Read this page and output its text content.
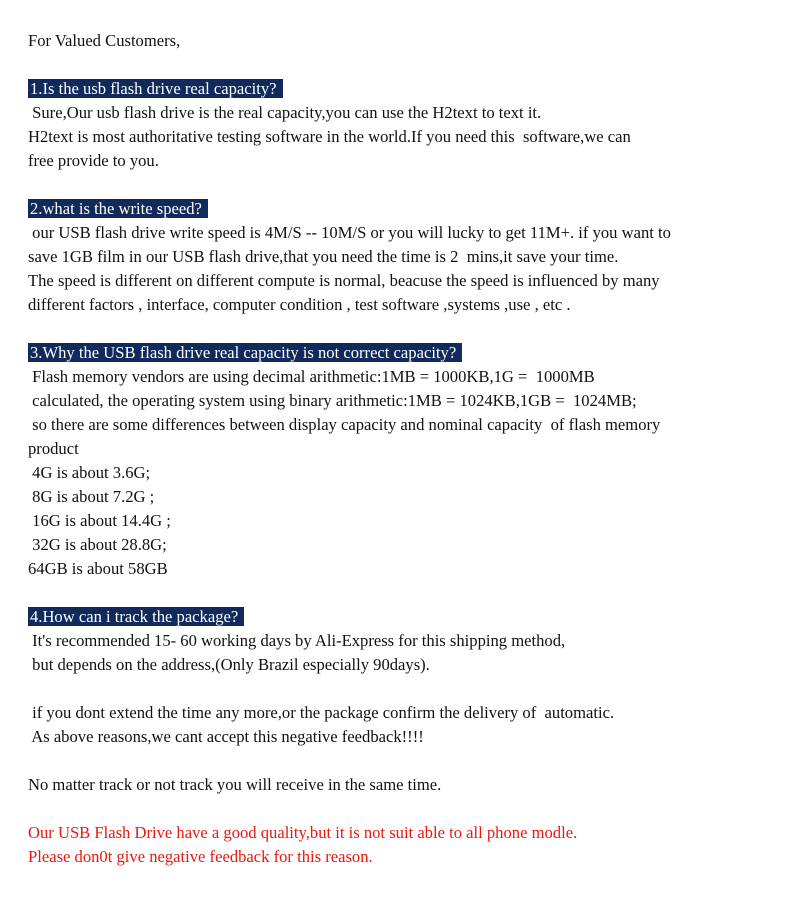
For Valued Customers,

1.Is the usb flash drive real capacity?

Sure,Our usb flash drive is the real capacity,you can use the H2text to text it.

H2text is most authoritative testing software in the world.If you need this  software,we can

free provide to you.

2.what is the write speed?

our USB flash drive write speed is 4M/S -- 10M/S or you will lucky to get 11M+. if you want to

save 1GB film in our USB flash drive,that you need the time is 2  mins,it save your time.

The speed is different on different compute is normal, beacuse the speed is influenced by many

different factors , interface, computer condition , test software ,systems ,use , etc .

3.Why the USB flash drive real capacity is not correct capacity?

Flash memory vendors are using decimal arithmetic:1MB = 1000KB,1G =  1000MB

calculated, the operating system using binary arithmetic:1MB = 1024KB,1GB =  1024MB;

so there are some differences between display capacity and nominal capacity  of flash memory

product

4G is about 3.6G;

8G is about 7.2G ;

16G is about 14.4G ;

32G is about 28.8G;

64GB is about 58GB

4.How can i track the package?

It's recommended 15- 60 working days by Ali-Express for this shipping method,

but depends on the address,(Only Brazil especially 90days).

if you dont extend the time any more,or the package confirm the delivery of  automatic.

As above reasons,we cant accept this negative feedback!!!!

No matter track or not track you will receive in the same time.

Our USB Flash Drive have a good quality,but it is not suit able to all phone modle.

Please don0t give negative feedback for this reason.
